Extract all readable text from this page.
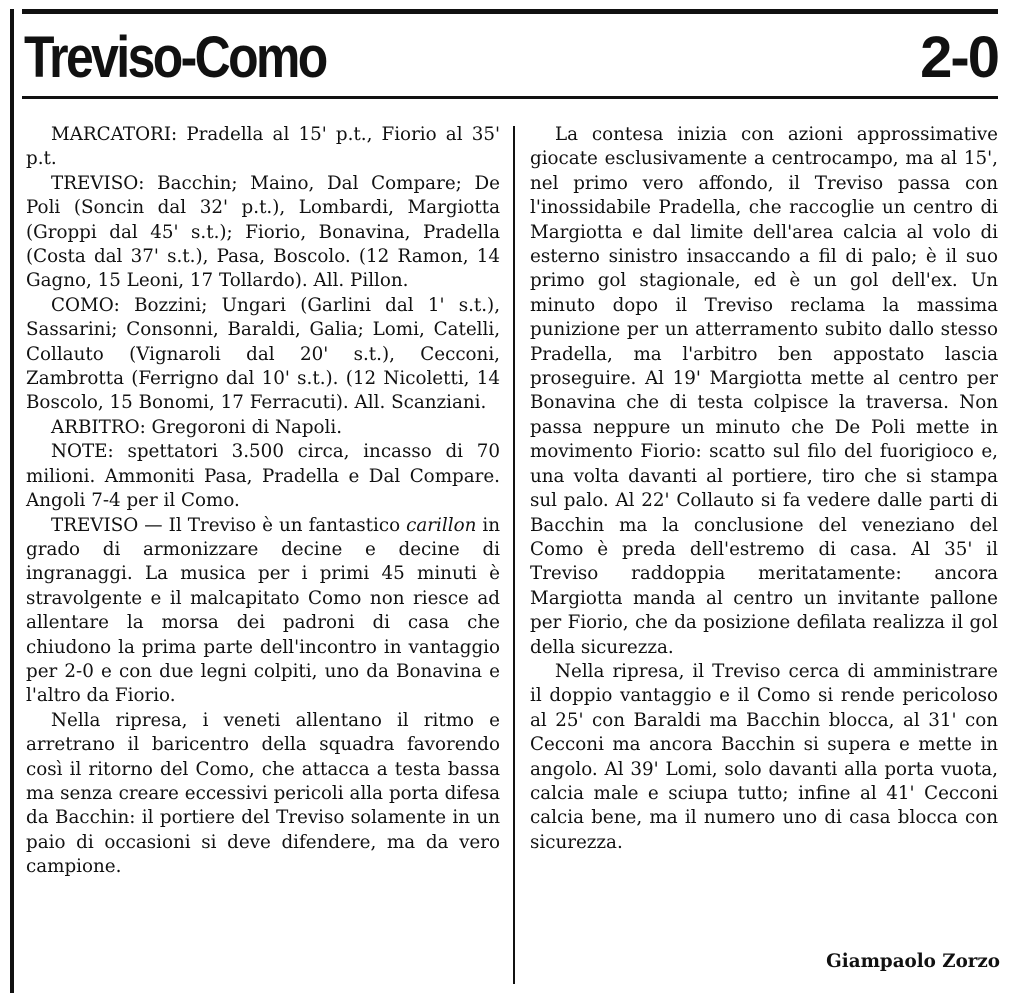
Treviso-Como	2-0

MARCATORI: Pradella al 15' p.t., Fiorio al 35' p.t.

TREVISO: Bacchin; Maino, Dal Compare; De Poli (Soncin dal 32' p.t.), Lombardi, Margiotta (Groppi dal 45' s.t.); Fiorio, Bonavina, Pradella (Costa dal 37' s.t.), Pasa, Boscolo. (12 Ramon, 14 Gagno, 15 Leoni, 17 Tollardo). All. Pillon.

COMO: Bozzini; Ungari (Garlini dal 1' s.t.), Sassarini; Consonni, Baraldi, Galia; Lomi, Catelli, Collauto (Vignaroli dal 20' s.t.), Cecconi, Zambrotta (Ferrigno dal 10' s.t.). (12 Nicoletti, 14 Boscolo, 15 Bonomi, 17 Ferracuti). All. Scanziani.

ARBITRO: Gregoroni di Napoli.

NOTE: spettatori 3.500 circa, incasso di 70 milioni. Ammoniti Pasa, Pradella e Dal Compare. Angoli 7-4 per il Como.

TREVISO — Il Treviso è un fantastico carillon in grado di armonizzare decine e decine di ingranaggi. La musica per i primi 45 minuti è stravolgente e il malcapitato Como non riesce ad allentare la morsa dei padroni di casa che chiudono la prima parte dell'incontro in vantaggio per 2-0 e con due legni colpiti, uno da Bonavina e l'altro da Fiorio.

Nella ripresa, i veneti allentano il ritmo e arretrano il baricentro della squadra favorendo così il ritorno del Como, che attacca a testa bassa ma senza creare eccessivi pericoli alla porta difesa da Bacchin: il portiere del Treviso solamente in un paio di occasioni si deve difendere, ma da vero campione.

La contesa inizia con azioni approssimative giocate esclusivamente a centrocampo, ma al 15', nel primo vero affondo, il Treviso passa con l'inossidabile Pradella, che raccoglie un centro di Margiotta e dal limite dell'area calcia al volo di esterno sinistro insaccando a fil di palo; è il suo primo gol stagionale, ed è un gol dell'ex. Un minuto dopo il Treviso reclama la massima punizione per un atterramento subito dallo stesso Pradella, ma l'arbitro ben appostato lascia proseguire. Al 19' Margiotta mette al centro per Bonavina che di testa colpisce la traversa. Non passa neppure un minuto che De Poli mette in movimento Fiorio: scatto sul filo del fuorigioco e, una volta davanti al portiere, tiro che si stampa sul palo. Al 22' Collauto si fa vedere dalle parti di Bacchin ma la conclusione del veneziano del Como è preda dell'estremo di casa. Al 35' il Treviso raddoppia meritatamente: ancora Margiotta manda al centro un invitante pallone per Fiorio, che da posizione defilata realizza il gol della sicurezza.

Nella ripresa, il Treviso cerca di amministrare il doppio vantaggio e il Como si rende pericoloso al 25' con Baraldi ma Bacchin blocca, al 31' con Cecconi ma ancora Bacchin si supera e mette in angolo. Al 39' Lomi, solo davanti alla porta vuota, calcia male e sciupa tutto; infine al 41' Cecconi calcia bene, ma il numero uno di casa blocca con sicurezza.

Giampaolo Zorzo
